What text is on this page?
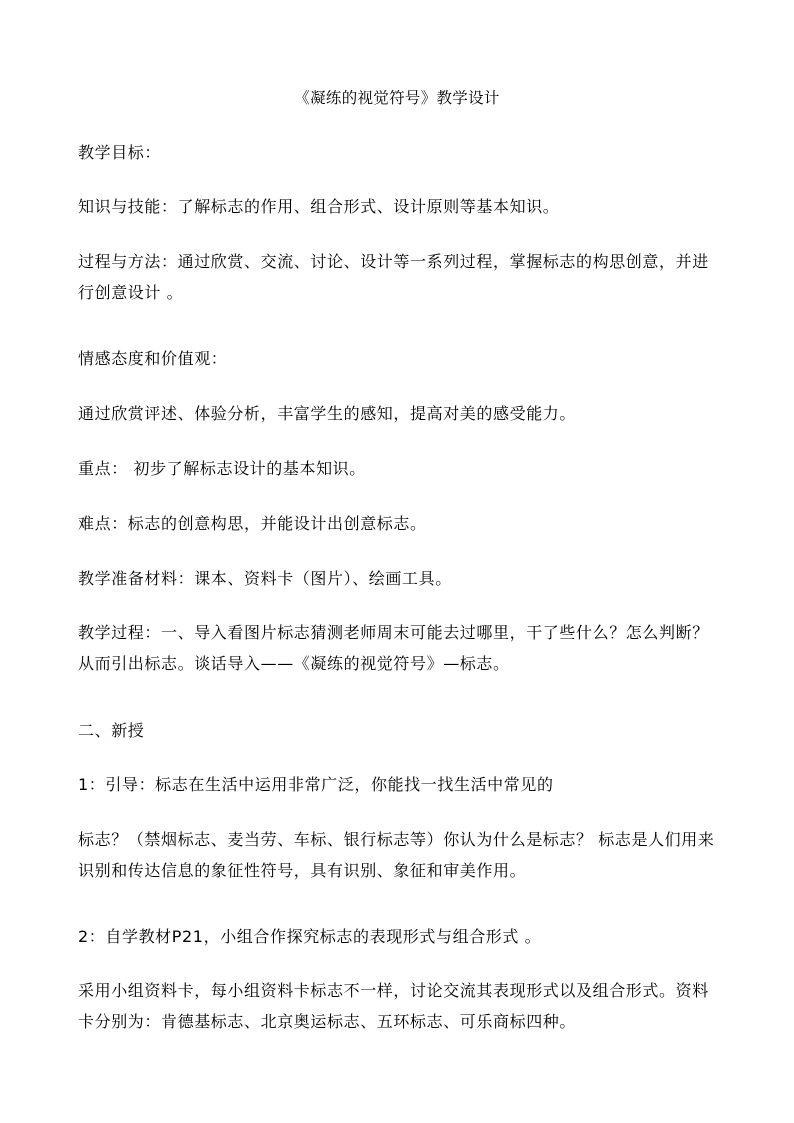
《凝练的视觉符号》教学设计
教学目标：
知识与技能：了解标志的作用、组合形式、设计原则等基本知识。
过程与方法：通过欣赏、交流、讨论、设计等一系列过程，掌握标志的构思创意，并进行创意设计 。
情感态度和价值观：
通过欣赏评述、体验分析，丰富学生的感知，提高对美的感受能力。
重点： 初步了解标志设计的基本知识。
难点：标志的创意构思，并能设计出创意标志。
教学准备材料：课本、资料卡（图片）、绘画工具。
教学过程：一、导入看图片标志猜测老师周末可能去过哪里，干了些什么？怎么判断？从而引出标志。谈话导入——《凝练的视觉符号》—标志。
二、新授
1：引导：标志在生活中运用非常广泛，你能找一找生活中常见的
标志？（禁烟标志、麦当劳、车标、银行标志等）你认为什么是标志？ 标志是人们用来识别和传达信息的象征性符号，具有识别、象征和审美作用。
2：自学教材P21，小组合作探究标志的表现形式与组合形式 。
采用小组资料卡，每小组资料卡标志不一样，讨论交流其表现形式以及组合形式。资料卡分别为：肯德基标志、北京奥运标志、五环标志、可乐商标四种。
